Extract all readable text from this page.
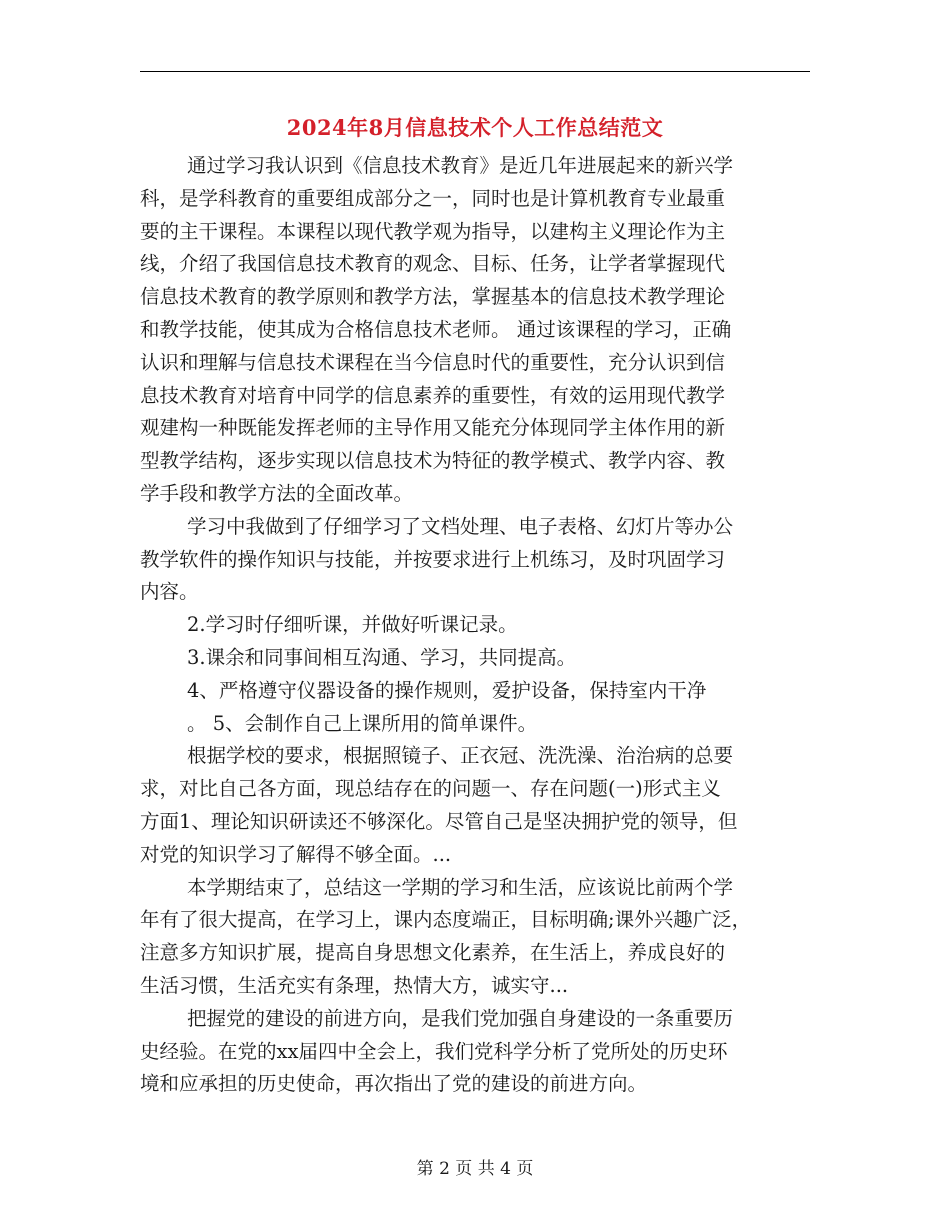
2024年8月信息技术个人工作总结范文
通过学习我认识到《信息技术教育》是近几年进展起来的新兴学
科，是学科教育的重要组成部分之一，同时也是计算机教育专业最重
要的主干课程。本课程以现代教学观为指导，以建构主义理论作为主
线，介绍了我国信息技术教育的观念、目标、任务，让学者掌握现代
信息技术教育的教学原则和教学方法，掌握基本的信息技术教学理论
和教学技能，使其成为合格信息技术老师。 通过该课程的学习，正确
认识和理解与信息技术课程在当今信息时代的重要性，充分认识到信
息技术教育对培育中同学的信息素养的重要性，有效的运用现代教学
观建构一种既能发挥老师的主导作用又能充分体现同学主体作用的新
型教学结构，逐步实现以信息技术为特征的教学模式、教学内容、教
学手段和教学方法的全面改革。
学习中我做到了仔细学习了文档处理、电子表格、幻灯片等办公
教学软件的操作知识与技能，并按要求进行上机练习，及时巩固学习
内容。
2.学习时仔细听课，并做好听课记录。
3.课余和同事间相互沟通、学习，共同提高。
4、严格遵守仪器设备的操作规则，爱护设备，保持室内干净
。 5、会制作自己上课所用的简单课件。
根据学校的要求，根据照镜子、正衣冠、洗洗澡、治治病的总要
求，对比自己各方面，现总结存在的问题一、存在问题(一)形式主义
方面1、理论知识研读还不够深化。尽管自己是坚决拥护党的领导，但
对党的知识学习了解得不够全面。...
本学期结束了，总结这一学期的学习和生活，应该说比前两个学
年有了很大提高，在学习上，课内态度端正，目标明确;课外兴趣广泛，
注意多方知识扩展，提高自身思想文化素养，在生活上，养成良好的
生活习惯，生活充实有条理，热情大方，诚实守...
把握党的建设的前进方向，是我们党加强自身建设的一条重要历
史经验。在党的xx届四中全会上，我们党科学分析了党所处的历史环
境和应承担的历史使命，再次指出了党的建设的前进方向。
第 2 页 共 4 页
